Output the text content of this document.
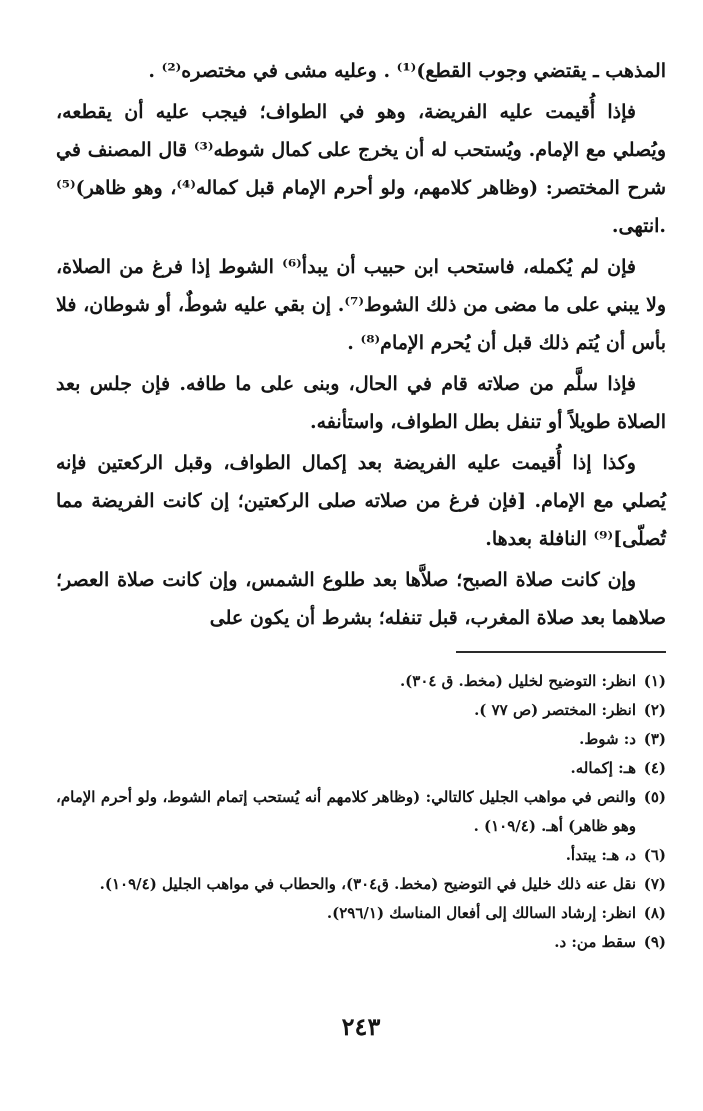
المذهب ـ يقتضي وجوب القطع)⁽¹⁾ . وعليه مشى في مختصره⁽²⁾ .

فإذا أُقيمت عليه الفريضة، وهو في الطواف؛ فيجب عليه أن يقطعه، ويُصلي مع الإمام. ويُستحب له أن يخرج على كمال شوطه⁽³⁾ قال المصنف في شرح المختصر: (وظاهر كلامهم، ولو أحرم الإمام قبل كماله⁽⁴⁾، وهو ظاهر)⁽⁵⁾ .انتهى.

فإن لم يُكمله، فاستحب ابن حبيب أن يبدأ⁽⁶⁾ الشوط إذا فرغ من الصلاة، ولا يبني على ما مضى من ذلك الشوط⁽⁷⁾. إن بقي عليه شوطٌ، أو شوطان، فلا بأس أن يُتم ذلك قبل أن يُحرم الإمام⁽⁸⁾ .

فإذا سلَّم من صلاته قام في الحال، وبنى على ما طافه. فإن جلس بعد الصلاة طويلاً أو تنفل بطل الطواف، واستأنفه.

وكذا إذا أُقيمت عليه الفريضة بعد إكمال الطواف، وقبل الركعتين فإنه يُصلي مع الإمام. [فإن فرغ من صلاته صلى الركعتين؛ إن كانت الفريضة مما تُصلّى]⁽⁹⁾ النافلة بعدها.

وإن كانت صلاة الصبح؛ صلاَّها بعد طلوع الشمس، وإن كانت صلاة العصر؛ صلاهما بعد صلاة المغرب، قبل تنفله؛ بشرط أن يكون على

(١)
انظر: التوضيح لخليل (مخط. ق ٣٠٤).
(٢)
انظر: المختصر (ص ٧٧ ).
(٣)
د: شوط.
(٤)
هـ: إكماله.
(٥)
والنص في مواهب الجليل كالتالي: (وظاهر كلامهم أنه يُستحب إتمام الشوط، ولو أحرم الإمام، وهو ظاهر) أهـ. (١٠٩/٤) .
(٦)
د، هـ: يبتدأ.
(٧)
نقل عنه ذلك خليل في التوضيح (مخط. ق٣٠٤)، والحطاب في مواهب الجليل (١٠٩/٤).
(٨)
انظر: إرشاد السالك إلى أفعال المناسك (٢٩٦/١).
(٩)
سقط من: د.
٢٤٣
